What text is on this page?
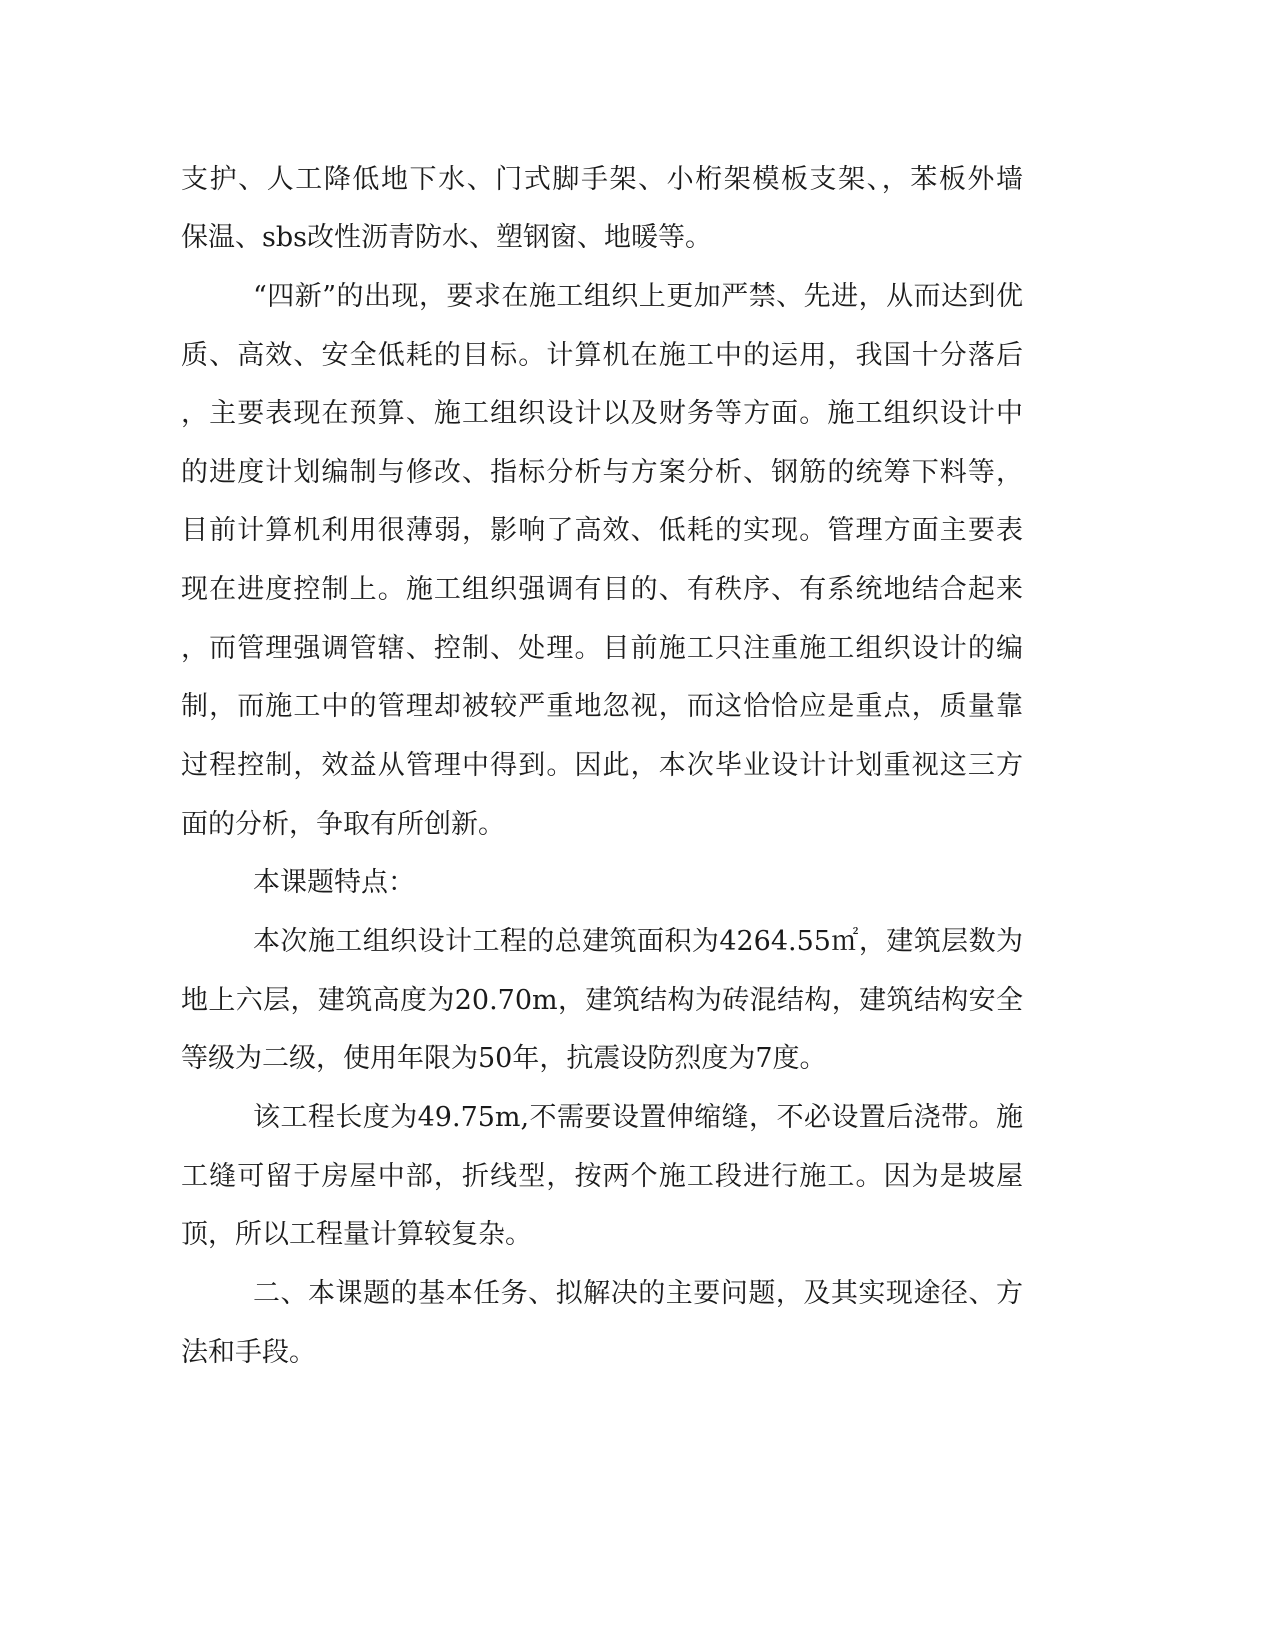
支护、人工降低地下水、门式脚手架、小桁架模板支架、，苯板外墙
保温、sbs改性沥青防水、塑钢窗、地暖等。
“四新”的出现，要求在施工组织上更加严禁、先进，从而达到优
质、高效、安全低耗的目标。计算机在施工中的运用，我国十分落后
，主要表现在预算、施工组织设计以及财务等方面。施工组织设计中
的进度计划编制与修改、指标分析与方案分析、钢筋的统筹下料等，
目前计算机利用很薄弱，影响了高效、低耗的实现。管理方面主要表
现在进度控制上。施工组织强调有目的、有秩序、有系统地结合起来
，而管理强调管辖、控制、处理。目前施工只注重施工组织设计的编
制，而施工中的管理却被较严重地忽视，而这恰恰应是重点，质量靠
过程控制，效益从管理中得到。因此，本次毕业设计计划重视这三方
面的分析，争取有所创新。
本课题特点：
本次施工组织设计工程的总建筑面积为4264.55㎡，建筑层数为
地上六层，建筑高度为20.70m，建筑结构为砖混结构，建筑结构安全
等级为二级，使用年限为50年，抗震设防烈度为7度。
该工程长度为49.75m,不需要设置伸缩缝，不必设置后浇带。施
工缝可留于房屋中部，折线型，按两个施工段进行施工。因为是坡屋
顶，所以工程量计算较复杂。
二、本课题的基本任务、拟解决的主要问题，及其实现途径、方
法和手段。
